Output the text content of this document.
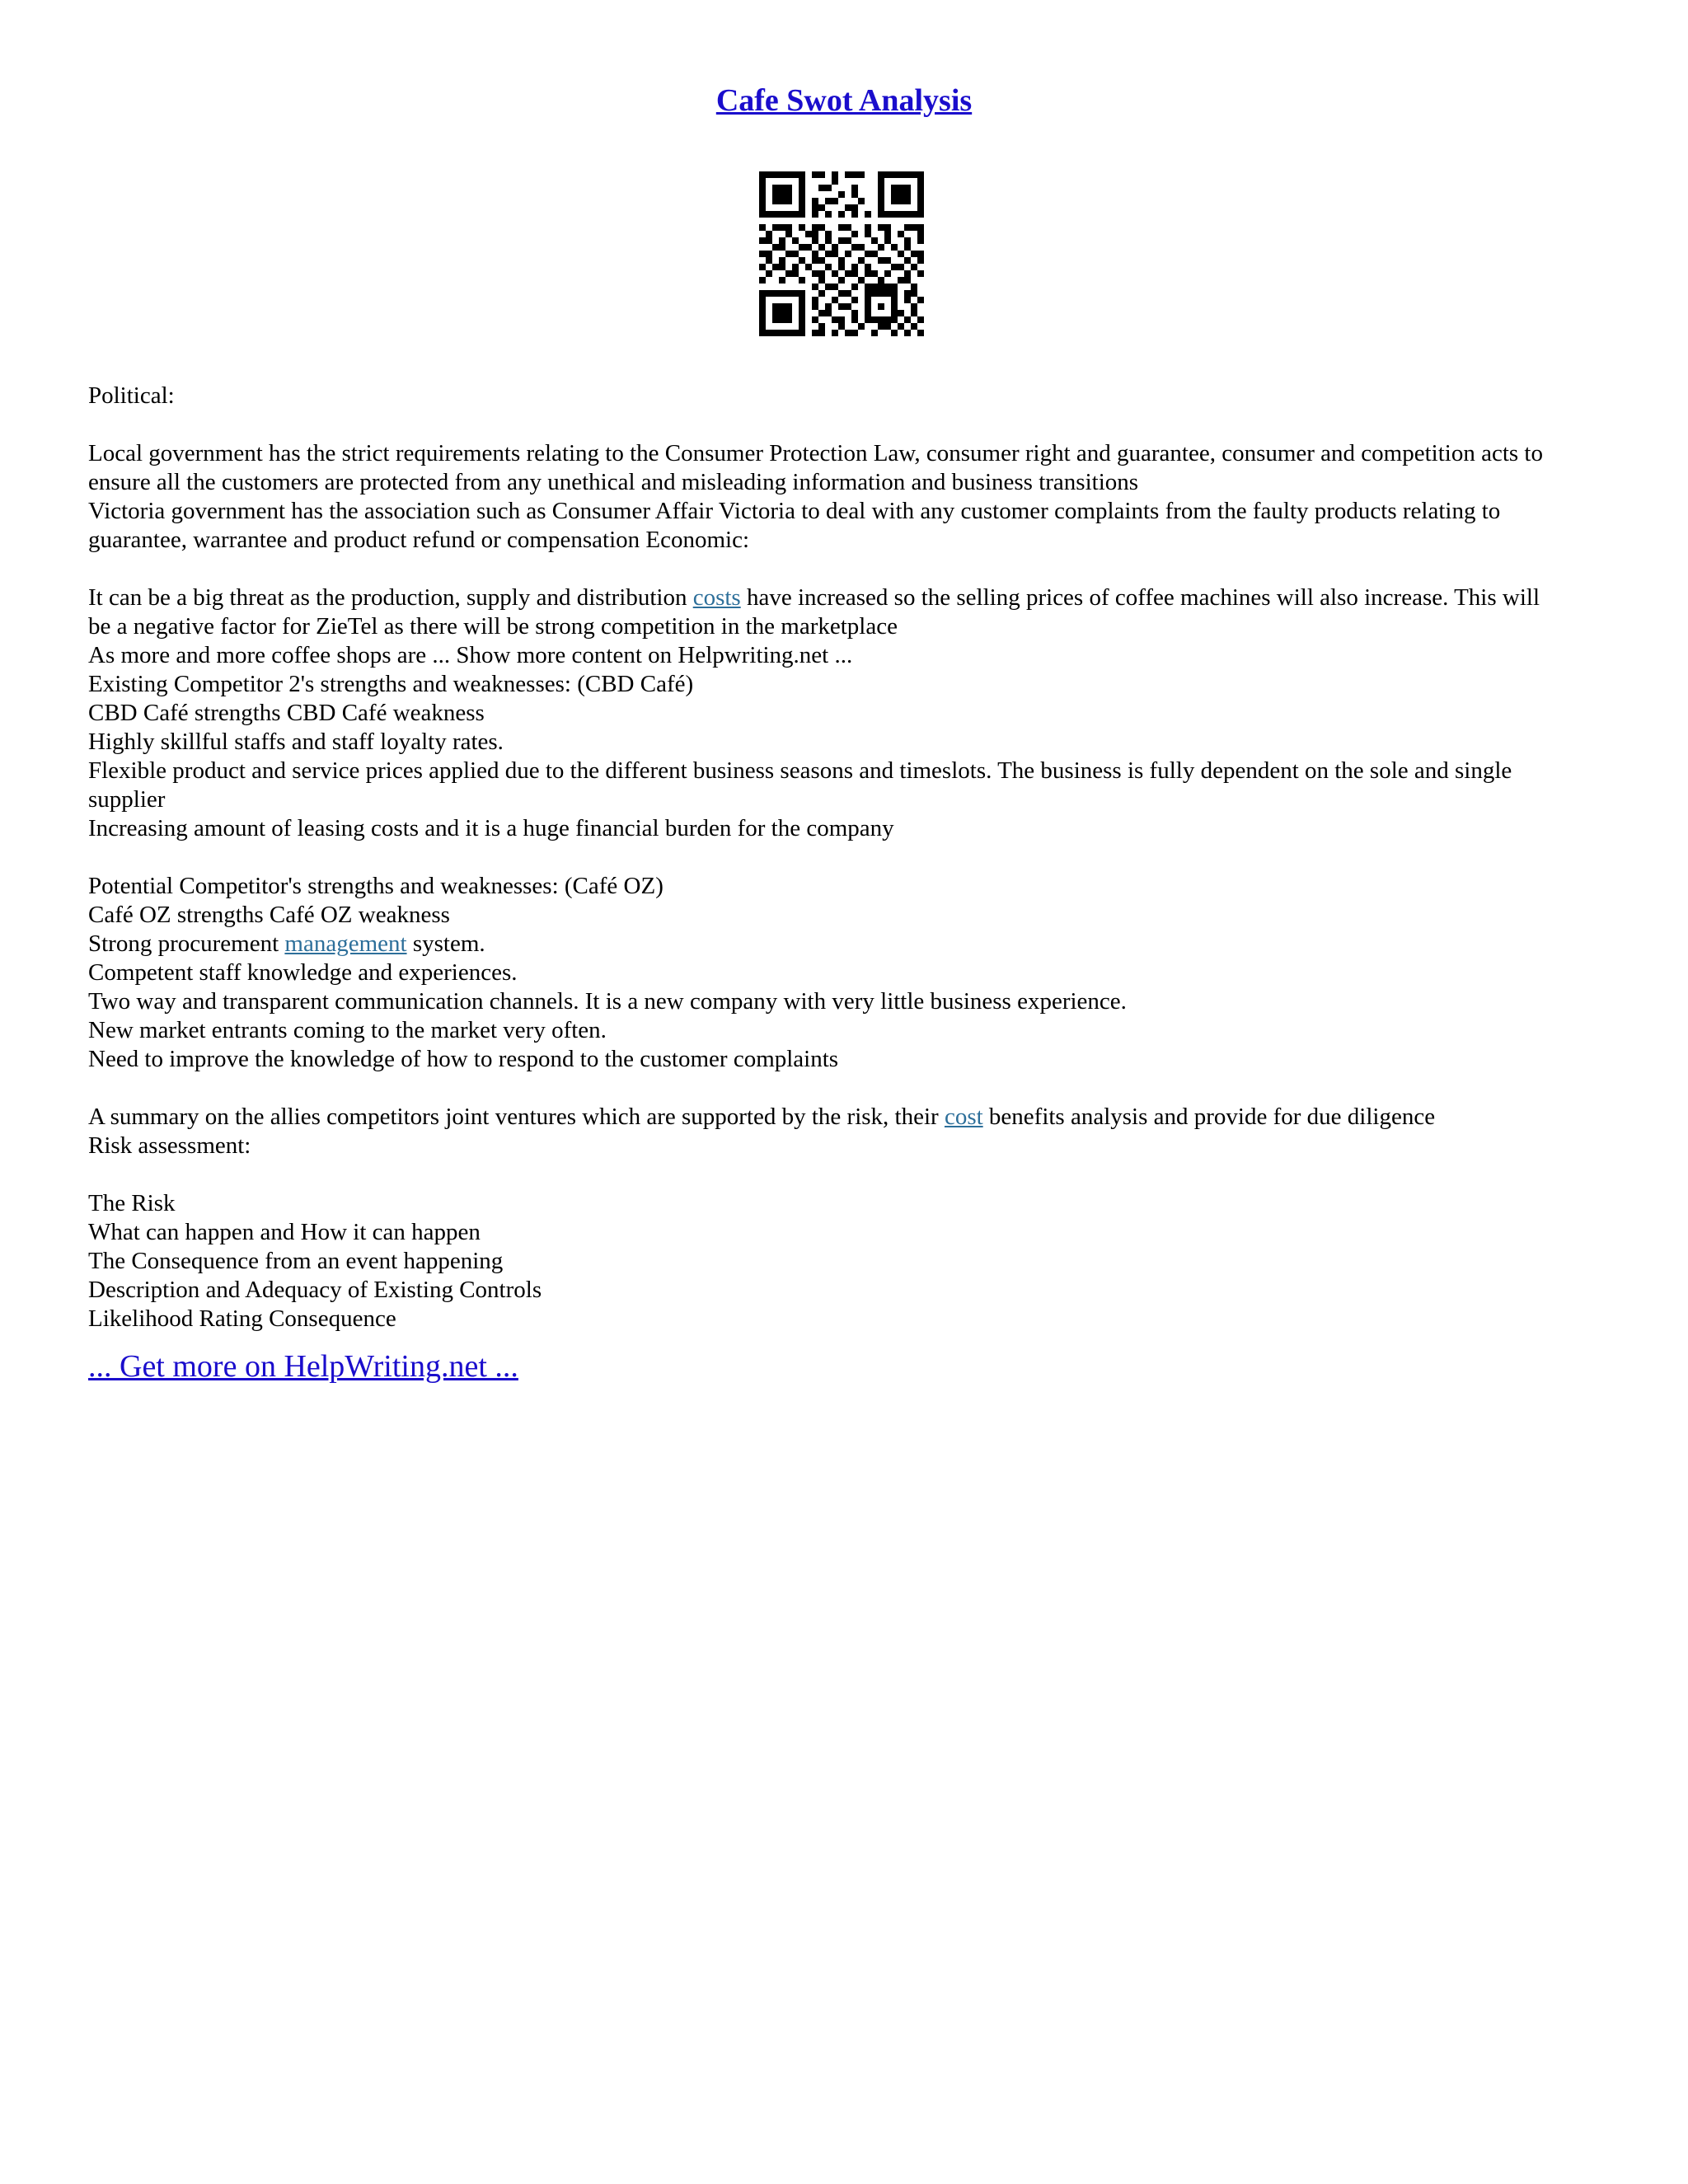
Cafe Swot Analysis
Political:
Local government has the strict requirements relating to the Consumer Protection Law, consumer right and guarantee, consumer and competition acts to
ensure all the customers are protected from any unethical and misleading information and business transitions
Victoria government has the association such as Consumer Affair Victoria to deal with any customer complaints from the faulty products relating to
guarantee, warrantee and product refund or compensation Economic:
It can be a big threat as the production, supply and distribution costs have increased so the selling prices of coffee machines will also increase. This will
be a negative factor for ZieTel as there will be strong competition in the marketplace
As more and more coffee shops are ... Show more content on Helpwriting.net ...
Existing Competitor 2's strengths and weaknesses: (CBD Café)
CBD Café strengths CBD Café weakness
Highly skillful staffs and staff loyalty rates.
Flexible product and service prices applied due to the different business seasons and timeslots. The business is fully dependent on the sole and single
supplier
Increasing amount of leasing costs and it is a huge financial burden for the company
Potential Competitor's strengths and weaknesses: (Café OZ)
Café OZ strengths Café OZ weakness
Strong procurement management system.
Competent staff knowledge and experiences.
Two way and transparent communication channels. It is a new company with very little business experience.
New market entrants coming to the market very often.
Need to improve the knowledge of how to respond to the customer complaints
A summary on the allies competitors joint ventures which are supported by the risk, their cost benefits analysis and provide for due diligence
Risk assessment:
The Risk
What can happen and How it can happen
The Consequence from an event happening
Description and Adequacy of Existing Controls
Likelihood Rating Consequence
... Get more on HelpWriting.net ...
